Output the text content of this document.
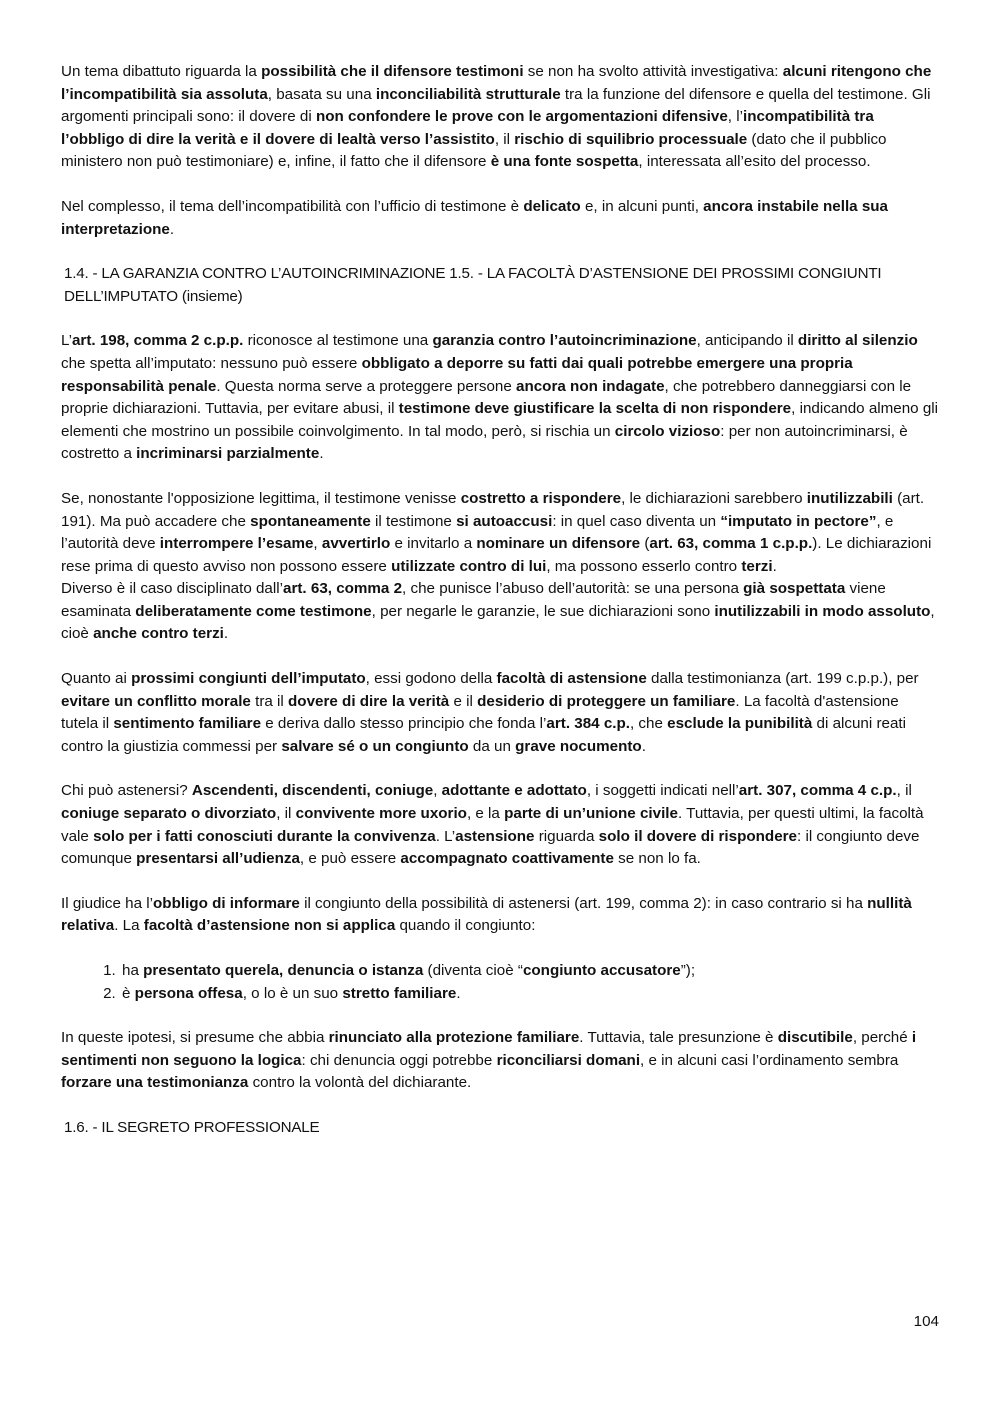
Un tema dibattuto riguarda la possibilità che il difensore testimoni se non ha svolto attività investigativa: alcuni ritengono che l’incompatibilità sia assoluta, basata su una inconciliabilità strutturale tra la funzione del difensore e quella del testimone. Gli argomenti principali sono: il dovere di non confondere le prove con le argomentazioni difensive, l’incompatibilità tra l’obbligo di dire la verità e il dovere di lealtà verso l’assistito, il rischio di squilibrio processuale (dato che il pubblico ministero non può testimoniare) e, infine, il fatto che il difensore è una fonte sospetta, interessata all’esito del processo.

Nel complesso, il tema dell’incompatibilità con l’ufficio di testimone è delicato e, in alcuni punti, ancora instabile nella sua interpretazione.

1.4. - LA GARANZIA CONTRO L’AUTOINCRIMINAZIONE 1.5. - LA FACOLTÀ D’ASTENSIONE DEI PROSSIMI CONGIUNTI DELL’IMPUTATO (insieme)

L’art. 198, comma 2 c.p.p. riconosce al testimone una garanzia contro l’autoincriminazione, anticipando il diritto al silenzio che spetta all’imputato: nessuno può essere obbligato a deporre su fatti dai quali potrebbe emergere una propria responsabilità penale. Questa norma serve a proteggere persone ancora non indagate, che potrebbero danneggiarsi con le proprie dichiarazioni. Tuttavia, per evitare abusi, il testimone deve giustificare la scelta di non rispondere, indicando almeno gli elementi che mostrino un possibile coinvolgimento. In tal modo, però, si rischia un circolo vizioso: per non autoincriminarsi, è costretto a incriminarsi parzialmente.

Se, nonostante l'opposizione legittima, il testimone venisse costretto a rispondere, le dichiarazioni sarebbero inutilizzabili (art. 191). Ma può accadere che spontaneamente il testimone si autoaccusi: in quel caso diventa un “imputato in pectore”, e l’autorità deve interrompere l’esame, avvertirlo e invitarlo a nominare un difensore (art. 63, comma 1 c.p.p.). Le dichiarazioni rese prima di questo avviso non possono essere utilizzate contro di lui, ma possono esserlo contro terzi.

Diverso è il caso disciplinato dall’art. 63, comma 2, che punisce l’abuso dell’autorità: se una persona già sospettata viene esaminata deliberatamente come testimone, per negarle le garanzie, le sue dichiarazioni sono inutilizzabili in modo assoluto, cioè anche contro terzi.

Quanto ai prossimi congiunti dell’imputato, essi godono della facoltà di astensione dalla testimonianza (art. 199 c.p.p.), per evitare un conflitto morale tra il dovere di dire la verità e il desiderio di proteggere un familiare. La facoltà d'astensione tutela il sentimento familiare e deriva dallo stesso principio che fonda l’art. 384 c.p., che esclude la punibilità di alcuni reati contro la giustizia commessi per salvare sé o un congiunto da un grave nocumento.

Chi può astenersi? Ascendenti, discendenti, coniuge, adottante e adottato, i soggetti indicati nell’art. 307, comma 4 c.p., il coniuge separato o divorziato, il convivente more uxorio, e la parte di un’unione civile. Tuttavia, per questi ultimi, la facoltà vale solo per i fatti conosciuti durante la convivenza. L’astensione riguarda solo il dovere di rispondere: il congiunto deve comunque presentarsi all’udienza, e può essere accompagnato coattivamente se non lo fa.

Il giudice ha l’obbligo di informare il congiunto della possibilità di astenersi (art. 199, comma 2): in caso contrario si ha nullità relativa. La facoltà d’astensione non si applica quando il congiunto:

1. ha presentato querela, denuncia o istanza (diventa cioè “congiunto accusatore”);
2. è persona offesa, o lo è un suo stretto familiare.

In queste ipotesi, si presume che abbia rinunciato alla protezione familiare. Tuttavia, tale presunzione è discutibile, perché i sentimenti non seguono la logica: chi denuncia oggi potrebbe riconciliarsi domani, e in alcuni casi l’ordinamento sembra forzare una testimonianza contro la volontà del dichiarante.

1.6. - IL SEGRETO PROFESSIONALE
104
